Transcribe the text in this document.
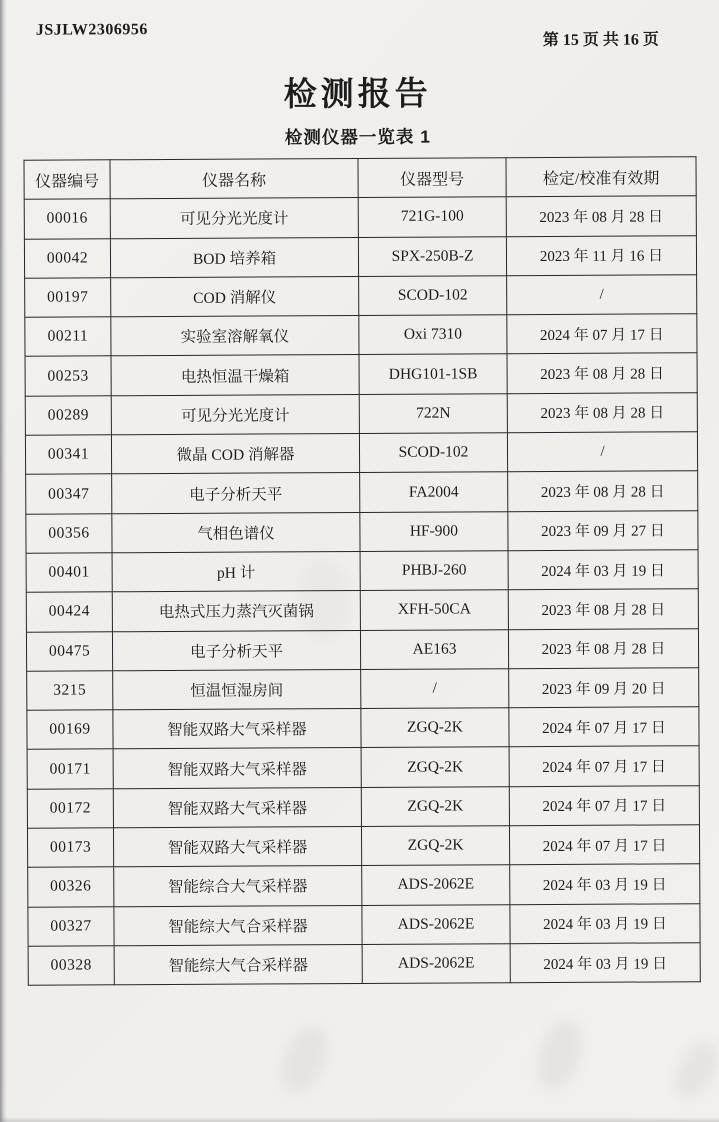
JSJLW2306956
第 15 页 共 16 页
检测报告
检测仪器一览表 1
仪器编号	仪器名称	仪器型号	检定/校准有效期
00016	可见分光光度计	721G-100	2023 年 08 月 28 日
00042	BOD 培养箱	SPX-250B-Z	2023 年 11 月 16 日
00197	COD 消解仪	SCOD-102	/
00211	实验室溶解氧仪	Oxi 7310	2024 年 07 月 17 日
00253	电热恒温干燥箱	DHG101-1SB	2023 年 08 月 28 日
00289	可见分光光度计	722N	2023 年 08 月 28 日
00341	微晶 COD 消解器	SCOD-102	/
00347	电子分析天平	FA2004	2023 年 08 月 28 日
00356	气相色谱仪	HF-900	2023 年 09 月 27 日
00401	pH 计	PHBJ-260	2024 年 03 月 19 日
00424	电热式压力蒸汽灭菌锅	XFH-50CA	2023 年 08 月 28 日
00475	电子分析天平	AE163	2023 年 08 月 28 日
3215	恒温恒湿房间	/	2023 年 09 月 20 日
00169	智能双路大气采样器	ZGQ-2K	2024 年 07 月 17 日
00171	智能双路大气采样器	ZGQ-2K	2024 年 07 月 17 日
00172	智能双路大气采样器	ZGQ-2K	2024 年 07 月 17 日
00173	智能双路大气采样器	ZGQ-2K	2024 年 07 月 17 日
00326	智能综合大气采样器	ADS-2062E	2024 年 03 月 19 日
00327	智能综大气合采样器	ADS-2062E	2024 年 03 月 19 日
00328	智能综大气合采样器	ADS-2062E	2024 年 03 月 19 日
